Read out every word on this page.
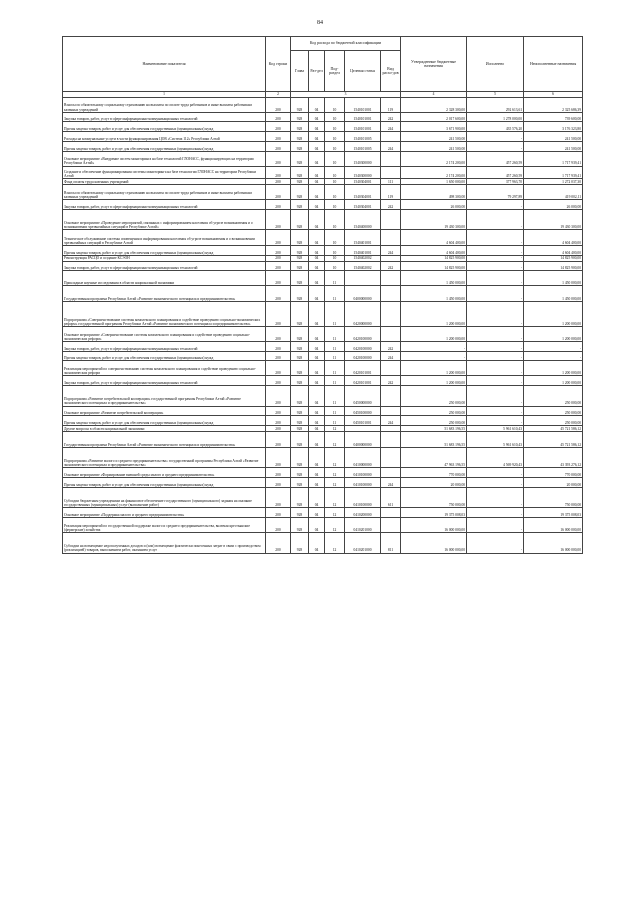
84
Наименование показателя	Код строки	Код расхода по бюджетной классификации					Утвержденные бюджетные назначения	Исполнено	Неисполненные назначения
		Глава	Раз-дел	Под-раздел	Целевая статья	Вид расхо-дов			
1	2	3					4	5	6
Взносы по обязательному социальному страхованию на выплаты по оплате труда работников и иные выплаты работникам казенных учреждений	200	928	04	10	1540101001	119	2 328 300,00	292 613,61	2 325 686,39
Закупка товаров, работ, услуг в сфере информационно-коммуникационных технологий	200	928	04	10	1540101001	242	2 017 600,00	1 278 000,00	739 600,00
Прочая закупка товаров, работ и услуг для обеспечения государственных (муниципальных) нужд	200	928	04	10	1540101001	244	3 671 900,00	435 576,20	3 176 323,80
Расходы на коммунальные услуги в части функционирования ЦОВ «Система 112» Республики Алтай	200	928	04	10	1540101005		241 500,00	-	241 500,00
Прочая закупка товаров, работ и услуг для обеспечения государственных (муниципальных) нужд	200	928	04	10	1540101005	244	241 500,00	-	241 500,00
Основное мероприятие «Внедрение систем мониторинга на базе технологий ГЛОНАСС, функционирующих на территории Республики Алтай»	200	928	04	10	1540300000		2 174 200,00	457 260,59	1 717 939,41
Создание и обеспечение функционирования системы мониторинга на базе технологии ГЛОНАСС на территории Республики Алтай	200	928	04	10	1540300000		2 174 200,00	457 260,59	1 717 939,41
Фонд оплаты труда казенных учреждений	200	928	04	10	1540304001	111	1 650 000,00	377 963,70	1 272 037,30
Взносы по обязательному социальному страхованию на выплаты по оплате труда работников и иные выплаты работникам казенных учреждений	200	928	04	10	1540304001	119	498 300,00	79 297,89	419 002,11
Закупка товаров, работ, услуг в сфере информационно-коммуникационных технологий	200	928	04	10	1540304001	242	26 000,00	-	26 000,00
Основное мероприятие «Проведение мероприятий, связанных с информированием населения об угрозе возникновения и о возникновении чрезвычайных ситуаций в Республике Алтай»	200	928	04	10	1540400000		19 430 300,00	-	19 430 300,00
Техническое обслуживание системы оповещения и информирования населения об угрозе возникновения и о возникновении чрезвычайных ситуаций в Республике Алтай	200	928	04	10	1540401001		4 604 400,00	-	4 604 400,00
Прочая закупка товаров, работ и услуг для обеспечения государственных (муниципальных) нужд	200	928	04	10	1540401001	244	4 604 400,00	-	4 604 400,00
Реконструкция РАСЦО и создание КСЭОН	200	928	04	10	1540402002		14 825 900,00	-	14 825 900,00
Закупка товаров, работ, услуг в сфере информационно-коммуникационных технологий	200	928	04	10	1540402002	242	14 825 900,00	-	14 825 900,00
Прикладные научные исследования в области национальной экономики	200	928	04	11			1 450 000,00	-	1 450 000,00
Государственная программа Республики Алтай «Развитие экономического потенциала и предпринимательства»	200	928	04	11	0400000000		1 450 000,00	-	1 450 000,00
Подпрограмма «Совершенствование системы комплексного планирования и содействие проведению социально-экономических реформ» государственной программы Республики Алтай «Развитие экономического потенциала и предпринимательства»	200	928	04	11	0420000000		1 200 000,00	-	1 200 000,00
Основное мероприятие «Совершенствование системы комплексного планирования и содействие проведению социально-экономических реформ»	200	928	04	11	0420100000		1 200 000,00	-	1 200 000,00
Закупка товаров, работ, услуг в сфере информационно-коммуникационных технологий	200	928	04	11	0420100000	242	-	-	-
Прочая закупка товаров, работ и услуг для обеспечения государственных (муниципальных) нужд	200	928	04	11	0420100000	244	-	-	-
Реализация мероприятий по совершенствованию системы комплексного планирования и содействие проведению социально-экономических реформ	200	928	04	11	0420101001		1 200 000,00	-	1 200 000,00
Закупка товаров, работ, услуг в сфере информационно-коммуникационных технологий	200	928	04	11	0420101001	242	1 200 000,00	-	1 200 000,00
Подпрограмма «Развитие потребительской кооперации» государственной программы Республики Алтай «Развитие экономического потенциала и предпринимательства»	200	928	04	11	0450000000		250 000,00	-	250 000,00
Основное мероприятие «Развитие потребительской кооперации»	200	928	04	11	0450100000		250 000,00	-	250 000,00
Прочая закупка товаров, работ и услуг для обеспечения государственных (муниципальных) нужд	200	928	04	11	0450101001	244	250 000,00	-	250 000,00
Другие вопросы в области национальной экономики	200	928	04	12			51 683 196,55	5 961 610,43	45 721 586,12
Государственная программа Республики Алтай «Развитие экономического потенциала и предпринимательства»	200	928	04	12	0400000000		51 683 196,55	5 961 610,43	45 721 586,12
Подпрограмма «Развитие малого и среднего предпринимательства» государственной программы Республики Алтай «Развитие экономического потенциала и предпринимательства»	200	928	04	12	0410000000		47 963 196,55	4 569 920,43	43 393 276,12
Основное мероприятие «Формирование внешней среды малого и среднего предпринимательства»	200	928	04	12	0410100000		770 000,00	-	770 000,00
Прочая закупка товаров, работ и услуг для обеспечения государственных (муниципальных) нужд	200	928	04	12	0410100000	244	20 000,00	-	20 000,00
Субсидии бюджетным учреждениям на финансовое обеспечение государственного (муниципального) задания на оказание государственных (муниципальных) услуг (выполнение работ)	200	928	04	12	0410100000	611	750 000,00	-	750 000,00
Основное мероприятие «Поддержка малого и среднего предпринимательства»	200	928	04	12	0410200000		19 375 008,03	-	19 375 008,03
Реализация мероприятий по государственной поддержке малого и среднего предпринимательства, включая крестьянские (фермерские) хозяйства	200	928	04	12	0410201000		16 000 000,00	-	16 000 000,00
Субсидии на возмещение недополученных доходов и (или) возмещение фактически понесенных затрат в связи с производством (реализацией) товаров, выполнением работ, оказанием услуг	200	928	04	12	0410201000	811	16 000 000,00	-	16 000 000,00
